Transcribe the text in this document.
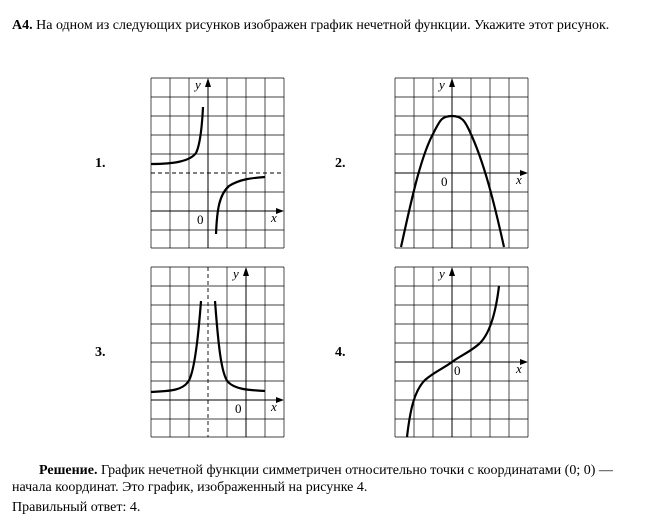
А4. На одном из следующих рисунков изображен график нечетной функции. Укажите этот рисунок.
1.
y
x
0
2.
y
x
0
3.
y
x
0
4.
y
x
0
Решение. График нечетной функции симметричен относительно точки с координатами (0; 0) — начала координат. Это график, изображенный на рисунке 4.
Правильный ответ: 4.
